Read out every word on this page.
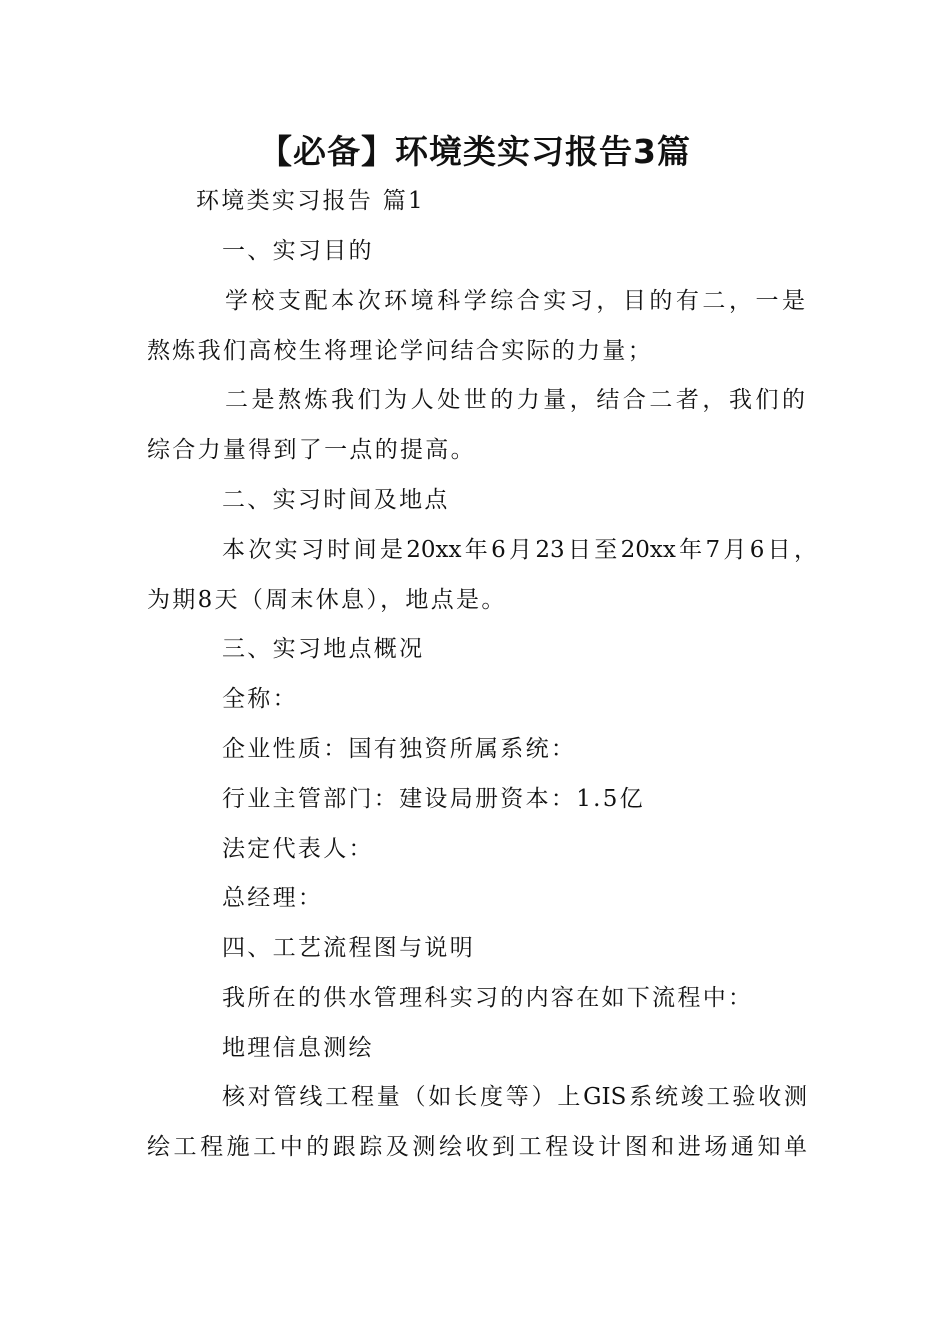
【必备】环境类实习报告3篇
环境类实习报告 篇1
一、实习目的
学校支配本次环境科学综合实习，目的有二，一是
熬炼我们高校生将理论学问结合实际的力量；
二是熬炼我们为人处世的力量，结合二者，我们的
综合力量得到了一点的提高。
二、实习时间及地点
本次实习时间是20xx年6月23日至20xx年7月6日，
为期8天（周末休息），地点是。
三、实习地点概况
全称：
企业性质：国有独资所属系统：
行业主管部门：建设局册资本：1.5亿
法定代表人：
总经理：
四、工艺流程图与说明
我所在的供水管理科实习的内容在如下流程中：
地理信息测绘
核对管线工程量（如长度等）上GIS系统竣工验收测
绘工程施工中的跟踪及测绘收到工程设计图和进场通知单
